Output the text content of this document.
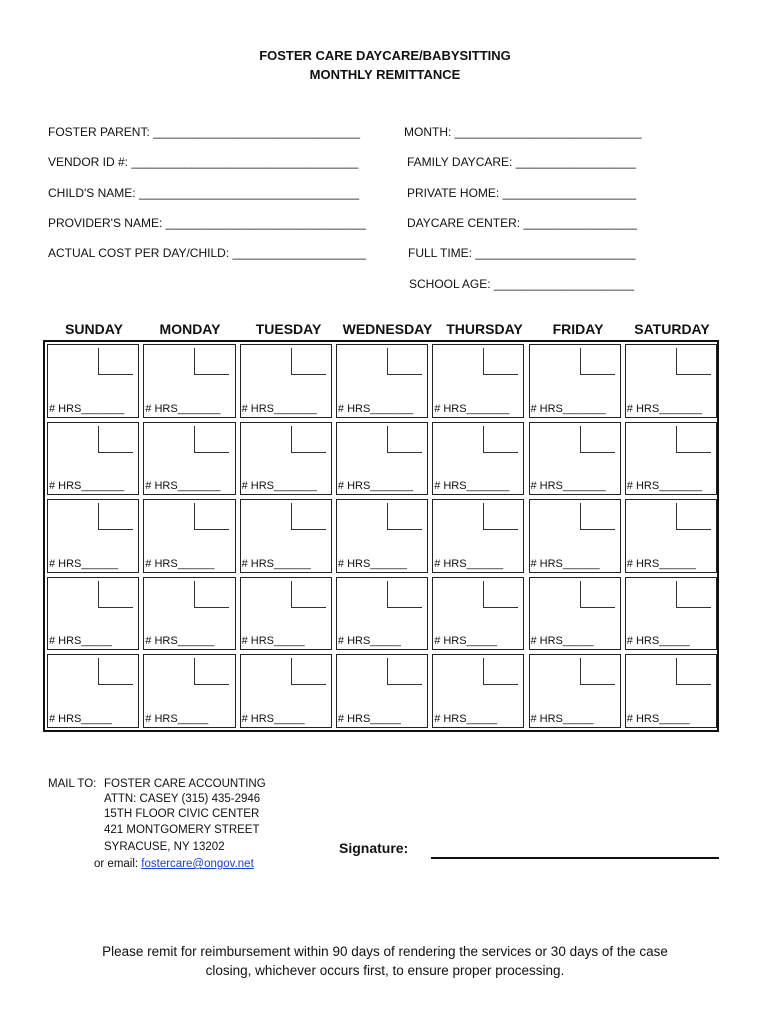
FOSTER CARE DAYCARE/BABYSITTING
MONTHLY REMITTANCE
FOSTER PARENT: _______________________________
VENDOR ID #: __________________________________
CHILD'S NAME: _________________________________
PROVIDER'S NAME: ______________________________
ACTUAL COST PER DAY/CHILD: ____________________
MONTH: ____________________________
FAMILY DAYCARE: __________________
PRIVATE HOME: ____________________
DAYCARE CENTER: _________________
FULL TIME: ________________________
SCHOOL AGE: _____________________
SUNDAY	MONDAY	TUESDAY	WEDNESDAY THURSDAY	FRIDAY	SATURDAY
# HRS_______ # HRS_______ # HRS_______ # HRS_______ # HRS_______ # HRS_______ # HRS_______
# HRS_______ # HRS_______ # HRS_______ # HRS_______ # HRS_______ # HRS_______ # HRS_______
# HRS______ # HRS______ # HRS______ # HRS______ # HRS______ # HRS______ # HRS______
# HRS_____	# HRS______ # HRS_____	# HRS_____	# HRS_____	# HRS_____	# HRS_____
# HRS_____	# HRS_____	# HRS_____	# HRS_____	# HRS_____	# HRS_____	# HRS_____
MAIL TO: FOSTER CARE ACCOUNTING
ATTN: CASEY (315) 435-2946
15TH FLOOR CIVIC CENTER
421 MONTGOMERY STREET
SYRACUSE, NY 13202
or email: fostercare@ongov.net
Signature:
Please remit for reimbursement within 90 days of rendering the services or 30 days of the case
closing, whichever occurs first, to ensure proper processing.
